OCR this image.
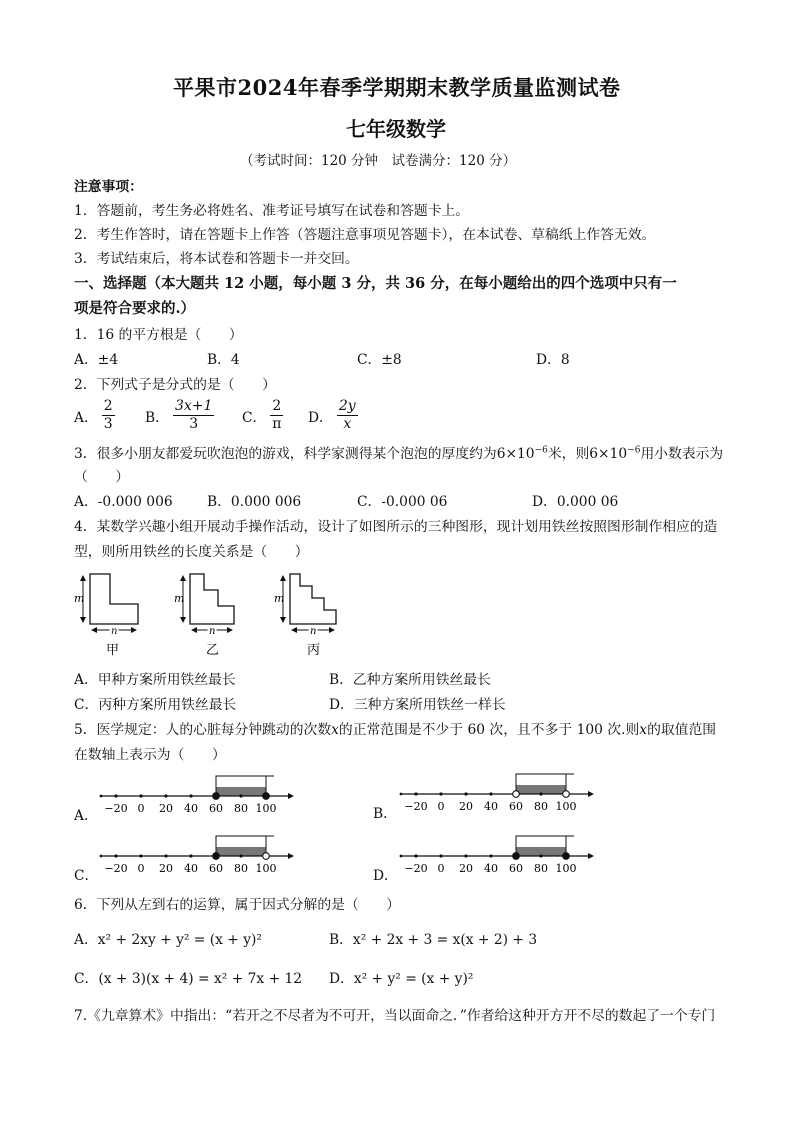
平果市2024年春季学期期末教学质量监测试卷
七年级数学
（考试时间：120 分钟　试卷满分：120 分）
注意事项：
1．答题前，考生务必将姓名、准考证号填写在试卷和答题卡上。
2．考生作答时，请在答题卡上作答（答题注意事项见答题卡），在本试卷、草稿纸上作答无效。
3．考试结束后，将本试卷和答题卡一并交回。
一、选择题（本大题共 12 小题，每小题 3 分，共 36 分，在每小题给出的四个选项中只有一
项是符合要求的.）
1．16 的平方根是（　　）
A．±4	B．4	C．±8	D．8
2．下列式子是分式的是（　　）
A． $\frac{2}{3}$ B． $\frac{3x+1}{3}$ C． $\frac{2}{\pi}$ D． $\frac{2y}{x}$
3．很多小朋友都爱玩吹泡泡的游戏，科学家测得某个泡泡的厚度约为$6\times 10^{-6}$米，则$6\times 10^{-6}$用小数表示为
（　　）
A．-0.000 006 B．0.000 006	C．-0.000 06	D．0.000 06
4．某数学兴趣小组开展动手操作活动，设计了如图所示的三种图形，现计划用铁丝按照图形制作相应的造
型，则所用铁丝的长度关系是（　　）
m	m	m
n	n	n
甲	乙	丙
A．甲种方案所用铁丝最长	B．乙种方案所用铁丝最长
C．丙种方案所用铁丝最长	D．三种方案所用铁丝一样长
5．医学规定：人的心脏每分钟跳动的次数x的正常范围是不少于 60 次，且不多于 100 次.则x的取值范围
在数轴上表示为（　　）
A．	B．
C．	D．
−20 0 20 40 60 80 100	−20 0 20 40 60 80 100
−20 0 20 40 60 80 100	−20 0 20 40 60 80 100
6．下列从左到右的运算，属于因式分解的是（　　）
A．x² + 2xy + y² = (x + y)²	B．x² + 2x + 3 = x(x + 2) + 3
C．(x + 3)(x + 4) = x² + 7x + 12 D．x² + y² = (x + y)²
7.《九章算术》中指出：“若开之不尽者为不可开，当以面命之．”作者给这种开方开不尽的数起了一个专门
